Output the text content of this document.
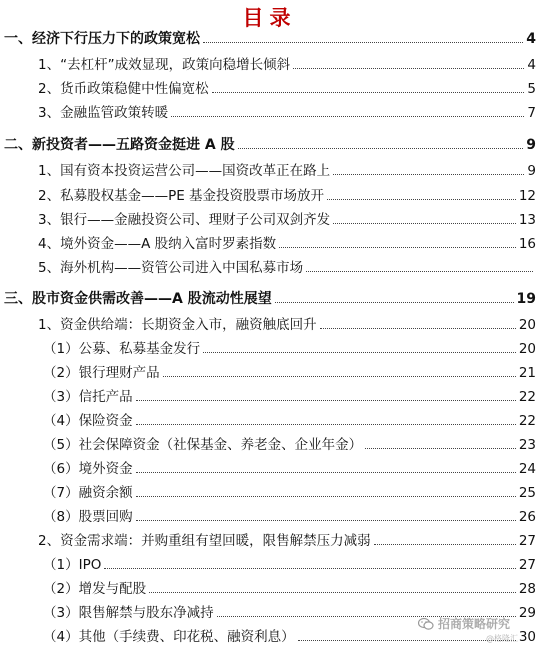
目录
一、经济下行压力下的政策宽松	4
1、“去杠杆”成效显现，政策向稳增长倾斜	4
2、货币政策稳健中性偏宽松	5
3、金融监管政策转暖	7
二、新投资者——五路资金挺进 A 股	9
1、国有资本投资运营公司——国资改革正在路上	9
2、私募股权基金——PE 基金投资股票市场放开	12
3、银行——金融投资公司、理财子公司双剑齐发	13
4、境外资金——A 股纳入富时罗素指数	16
5、海外机构——资管公司进入中国私募市场
三、股市资金供需改善——A 股流动性展望	19
1、资金供给端：长期资金入市，融资触底回升	20
（1）公募、私募基金发行	20
（2）银行理财产品	21
（3）信托产品	22
（4）保险资金	22
（5）社会保障资金（社保基金、养老金、企业年金）	23
（6）境外资金	24
（7）融资余额	25
（8）股票回购	26
2、资金需求端：并购重组有望回暖，限售解禁压力减弱	27
（1）IPO	27
（2）增发与配股	28
（3）限售解禁与股东净减持	29
（4）其他（手续费、印花税、融资利息）	30
招商策略研究
@格隆汇
